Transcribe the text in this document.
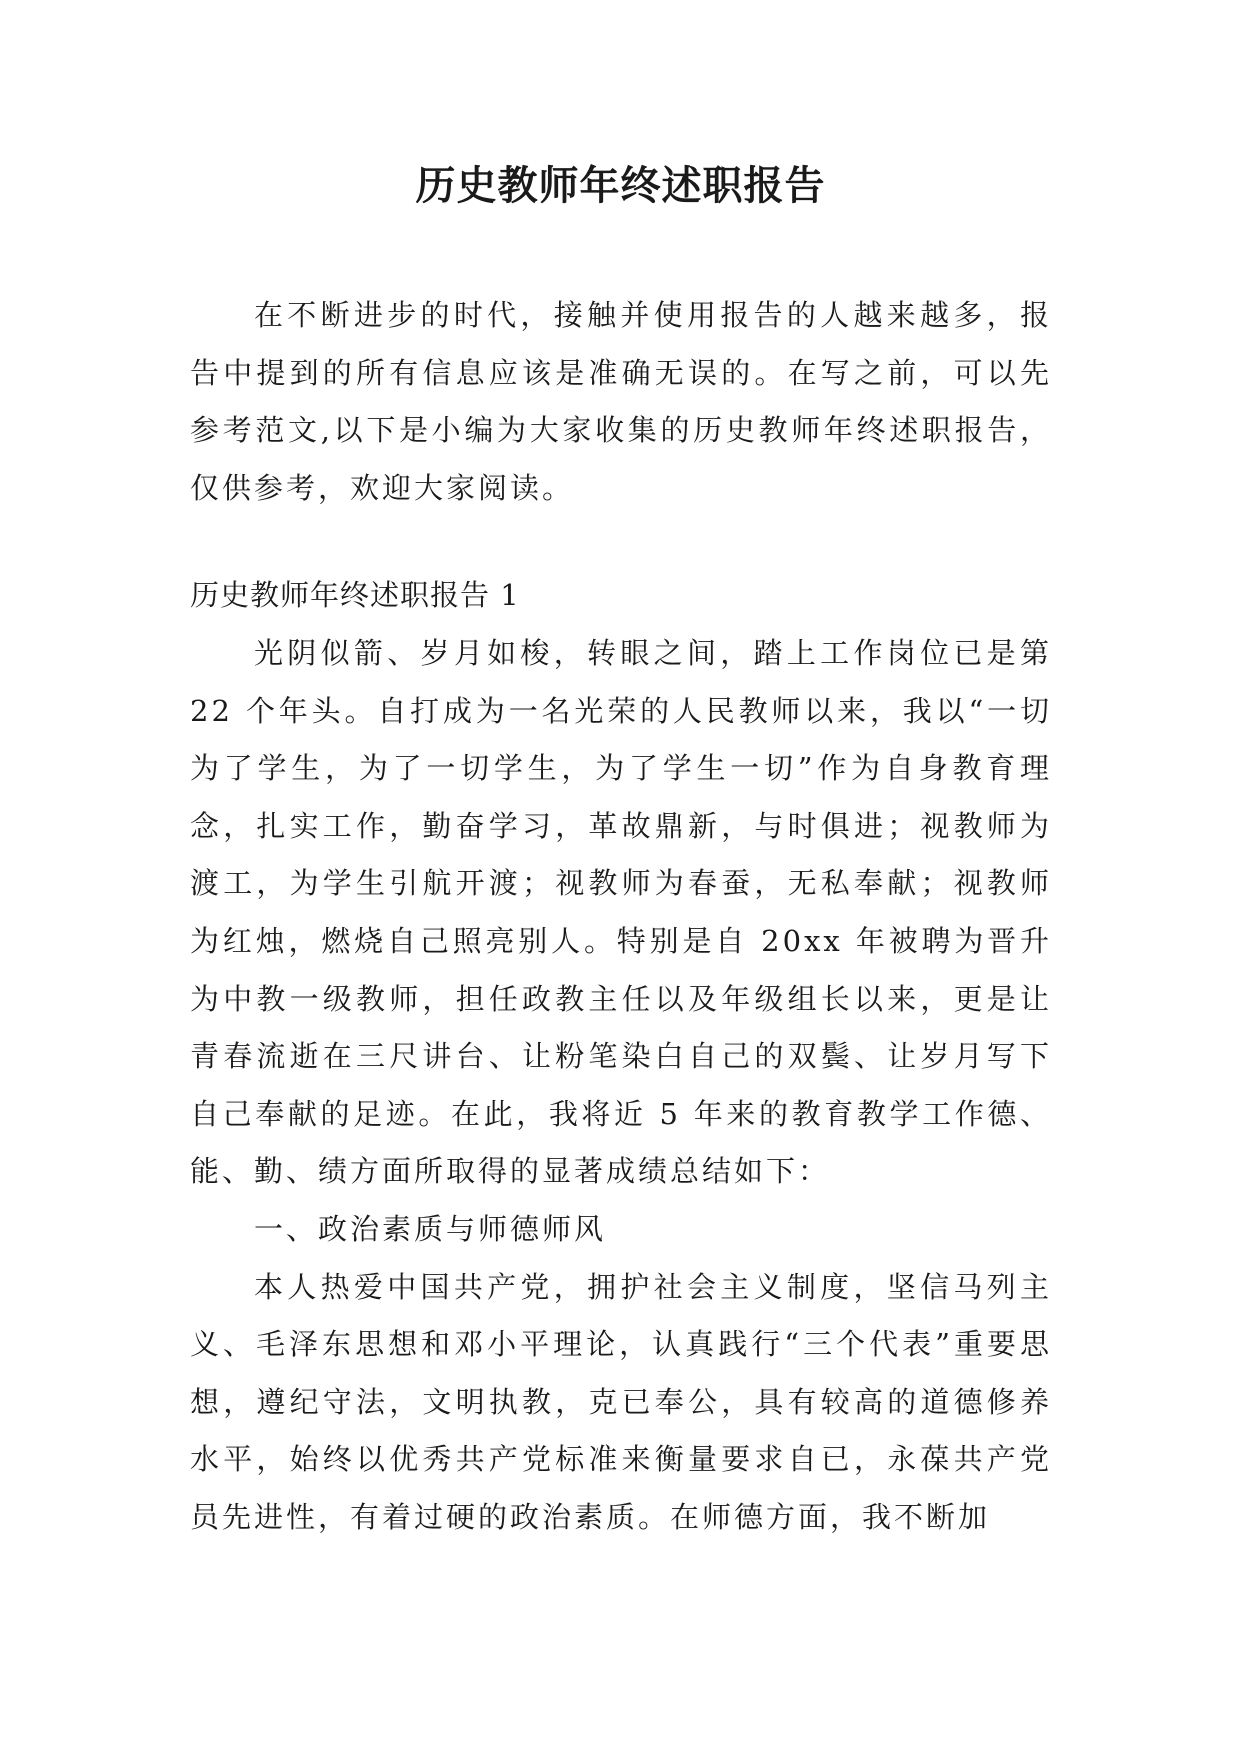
历史教师年终述职报告

在不断进步的时代，接触并使用报告的人越来越多，报告中提到的所有信息应该是准确无误的。在写之前，可以先参考范文,以下是小编为大家收集的历史教师年终述职报告，仅供参考，欢迎大家阅读。

历史教师年终述职报告 1

光阴似箭、岁月如梭，转眼之间，踏上工作岗位已是第 22 个年头。自打成为一名光荣的人民教师以来，我以“一切为了学生，为了一切学生，为了学生一切”作为自身教育理念，扎实工作，勤奋学习，革故鼎新，与时俱进；视教师为渡工，为学生引航开渡；视教师为春蚕，无私奉献；视教师为红烛，燃烧自己照亮别人。特别是自 20xx 年被聘为晋升为中教一级教师，担任政教主任以及年级组长以来，更是让青春流逝在三尺讲台、让粉笔染白自己的双鬓、让岁月写下自己奉献的足迹。在此，我将近 5 年来的教育教学工作德、能、勤、绩方面所取得的显著成绩总结如下：

一、政治素质与师德师风

本人热爱中国共产党，拥护社会主义制度，坚信马列主义、毛泽东思想和邓小平理论，认真践行“三个代表”重要思想，遵纪守法，文明执教，克已奉公，具有较高的道德修养水平，始终以优秀共产党标准来衡量要求自已，永葆共产党员先进性，有着过硬的政治素质。在师德方面，我不断加
